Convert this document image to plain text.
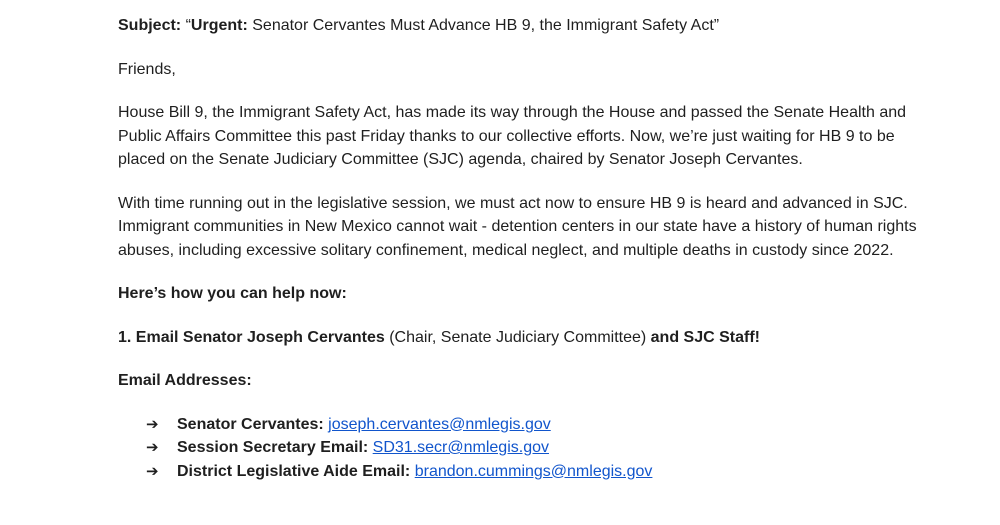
Subject: “Urgent: Senator Cervantes Must Advance HB 9, the Immigrant Safety Act”

Friends,

House Bill 9, the Immigrant Safety Act, has made its way through the House and passed the Senate Health and Public Affairs Committee this past Friday thanks to our collective efforts. Now, we’re just waiting for HB 9 to be placed on the Senate Judiciary Committee (SJC) agenda, chaired by Senator Joseph Cervantes.

With time running out in the legislative session, we must act now to ensure HB 9 is heard and advanced in SJC. Immigrant communities in New Mexico cannot wait - detention centers in our state have a history of human rights abuses, including excessive solitary confinement, medical neglect, and multiple deaths in custody since 2022.

Here’s how you can help now:

1. Email Senator Joseph Cervantes (Chair, Senate Judiciary Committee) and SJC Staff!

Email Addresses:

➔	Senator Cervantes:
joseph.cervantes@nmlegis.gov
➔	Session Secretary Email:
SD31.secr@nmlegis.gov
➔	District Legislative Aide Email:
brandon.cummings@nmlegis.gov
